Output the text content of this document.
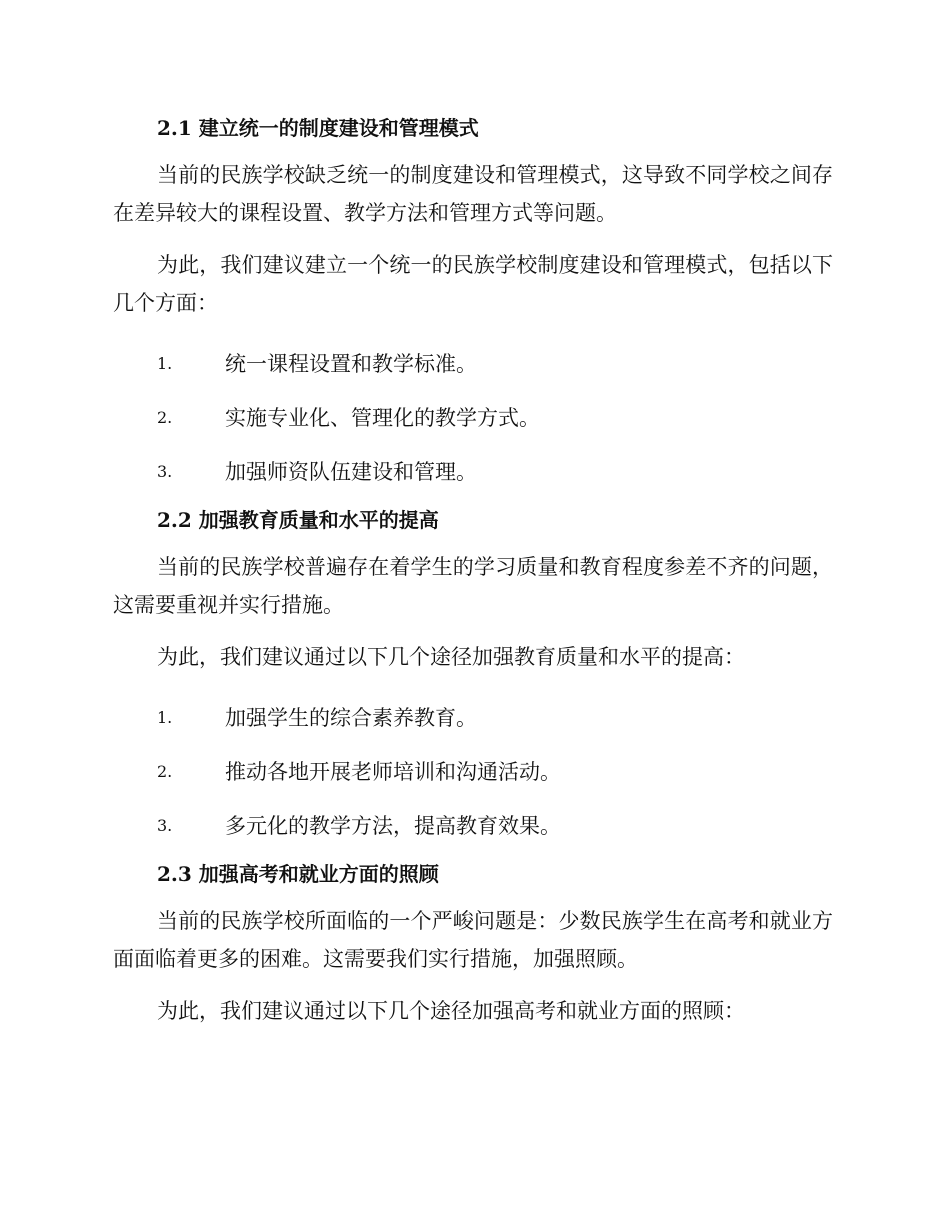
2.1 建立统一的制度建设和管理模式

当前的民族学校缺乏统一的制度建设和管理模式，这导致不同学校之间存在差异较大的课程设置、教学方法和管理方式等问题。

为此，我们建议建立一个统一的民族学校制度建设和管理模式，包括以下几个方面：

1.	统一课程设置和教学标准。
2.	实施专业化、管理化的教学方式。
3.	加强师资队伍建设和管理。
2.2 加强教育质量和水平的提高

当前的民族学校普遍存在着学生的学习质量和教育程度参差不齐的问题，这需要重视并实行措施。

为此，我们建议通过以下几个途径加强教育质量和水平的提高：

1.	加强学生的综合素养教育。
2.	推动各地开展老师培训和沟通活动。
3.	多元化的教学方法，提高教育效果。
2.3 加强高考和就业方面的照顾

当前的民族学校所面临的一个严峻问题是：少数民族学生在高考和就业方面面临着更多的困难。这需要我们实行措施，加强照顾。

为此，我们建议通过以下几个途径加强高考和就业方面的照顾：
